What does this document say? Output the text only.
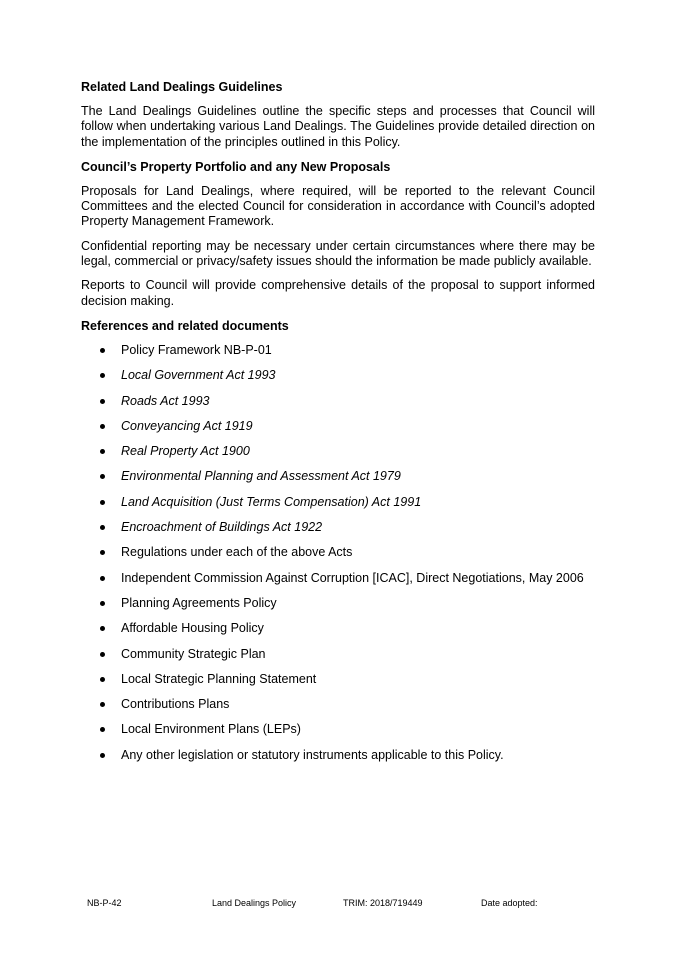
Related Land Dealings Guidelines

The Land Dealings Guidelines outline the specific steps and processes that Council will follow when undertaking various Land Dealings. The Guidelines provide detailed direction on the implementation of the principles outlined in this Policy.

Council’s Property Portfolio and any New Proposals

Proposals for Land Dealings, where required, will be reported to the relevant Council Committees and the elected Council for consideration in accordance with Council’s adopted Property Management Framework.

Confidential reporting may be necessary under certain circumstances where there may be legal, commercial or privacy/safety issues should the information be made publicly available.

Reports to Council will provide comprehensive details of the proposal to support informed decision making.

References and related documents
Policy Framework NB-P-01
Local Government Act 1993
Roads Act 1993
Conveyancing Act 1919
Real Property Act 1900
Environmental Planning and Assessment Act 1979
Land Acquisition (Just Terms Compensation) Act 1991
Encroachment of Buildings Act 1922
Regulations under each of the above Acts
Independent Commission Against Corruption [ICAC], Direct Negotiations, May 2006
Planning Agreements Policy
Affordable Housing Policy
Community Strategic Plan
Local Strategic Planning Statement
Contributions Plans
Local Environment Plans (LEPs)
Any other legislation or statutory instruments applicable to this Policy.
NB-P-42	Land Dealings Policy	TRIM: 2018/719449	Date adopted:
